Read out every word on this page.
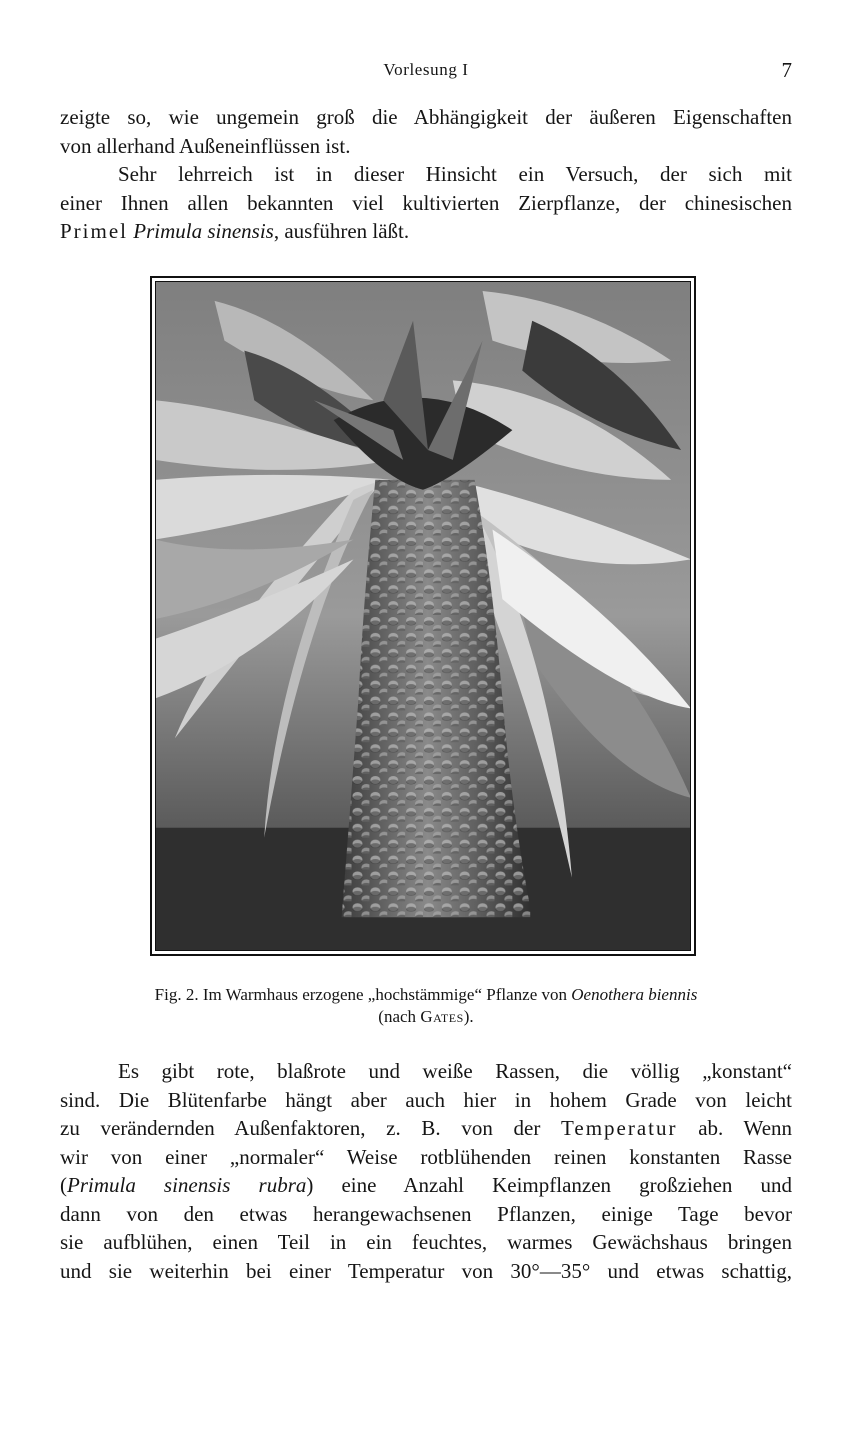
Vorlesung I	7
zeigte so, wie ungemein groß die Abhängigkeit der äußeren Eigenschaften
von allerhand Außeneinflüssen ist.
Sehr lehrreich ist in dieser Hinsicht ein Versuch, der sich mit
einer Ihnen allen bekannten viel kultivierten Zierpflanze, der chinesischen
Primel Primula sinensis, ausführen läßt.
Fig. 2. Im Warmhaus erzogene „hochstämmige“ Pflanze von Oenothera biennis
(nach Gates).
Es gibt rote, blaßrote und weiße Rassen, die völlig „konstant“
sind. Die Blütenfarbe hängt aber auch hier in hohem Grade von leicht
zu verändernden Außenfaktoren, z. B. von der Temperatur ab. Wenn
wir von einer „normaler“ Weise rotblühenden reinen konstanten Rasse
(Primula sinensis rubra) eine Anzahl Keimpflanzen großziehen und
dann von den etwas herangewachsenen Pflanzen, einige Tage bevor
sie aufblühen, einen Teil in ein feuchtes, warmes Gewächshaus bringen
und sie weiterhin bei einer Temperatur von 30°—35° und etwas schattig,
